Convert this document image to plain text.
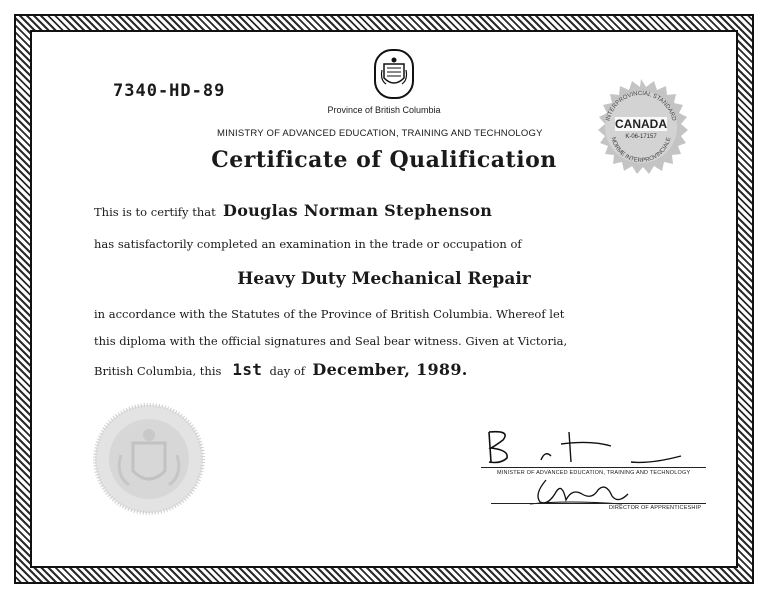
7340-HD-89
Province of British Columbia
MINISTRY OF ADVANCED EDUCATION, TRAINING AND TECHNOLOGY
Certificate of Qualification
INTERPROVINCIAL STANDARD
CANADA
K-06-17157
NORME INTERPROVINCIALE
This is to certify that Douglas Norman Stephenson
has satisfactorily completed an examination in the trade or occupation of
Heavy Duty Mechanical Repair
in accordance with the Statutes of the Province of British Columbia. Whereof let
this diploma with the official signatures and Seal bear witness. Given at Victoria,
British Columbia, this 1st day of December, 1989.
MINISTER OF ADVANCED EDUCATION, TRAINING AND TECHNOLOGY
DIRECTOR OF APPRENTICESHIP
